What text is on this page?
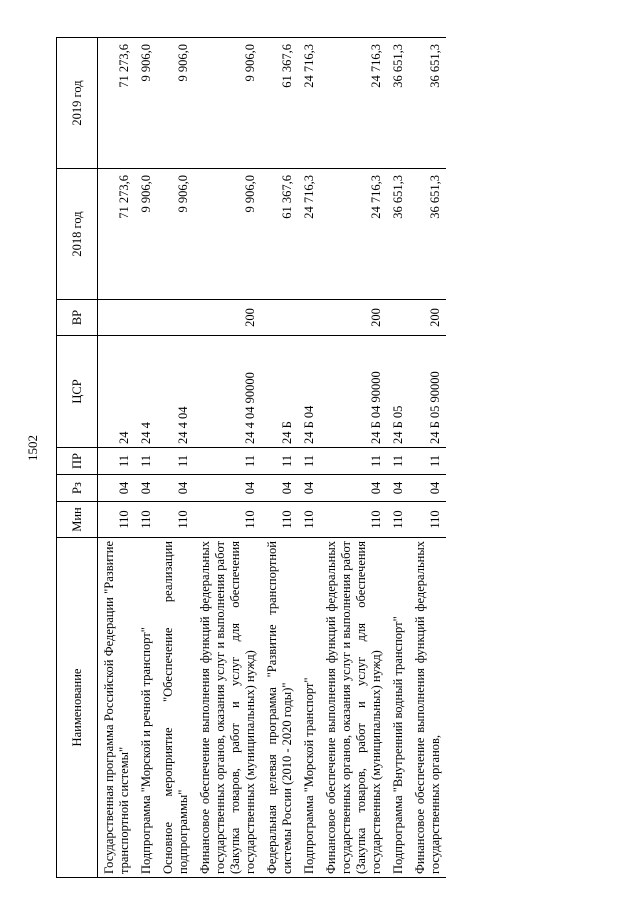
1502
Наименование	Мин	Рз	ПР	ЦСР	ВР	2018 год	2019 год
Государственная программа Российской Федерации "Развитие транспортной системы"	110	04	11	24		71 273,6	71 273,6
Подпрограмма "Морской и речной транспорт"	110	04	11	24 4		9 906,0	9 906,0
Основное мероприятие "Обеспечение реализации подпрограммы"	110	04	11	24 4 04		9 906,0	9 906,0
Финансовое обеспечение выполнения функций федеральных государственных органов, оказания услуг и выполнения работ (Закупка товаров, работ и услуг для обеспечения государственных (муниципальных) нужд)	110	04	11	24 4 04 90000	200	9 906,0	9 906,0
Федеральная целевая программа "Развитие транспортной системы России (2010 - 2020 годы)"	110	04	11	24 Б		61 367,6	61 367,6
Подпрограмма "Морской транспорт"	110	04	11	24 Б 04		24 716,3	24 716,3
Финансовое обеспечение выполнения функций федеральных государственных органов, оказания услуг и выполнения работ (Закупка товаров, работ и услуг для обеспечения государственных (муниципальных) нужд)	110	04	11	24 Б 04 90000	200	24 716,3	24 716,3
Подпрограмма "Внутренний водный транспорт"	110	04	11	24 Б 05		36 651,3	36 651,3
Финансовое обеспечение выполнения функций федеральных государственных органов,	110	04	11	24 Б 05 90000	200	36 651,3	36 651,3
